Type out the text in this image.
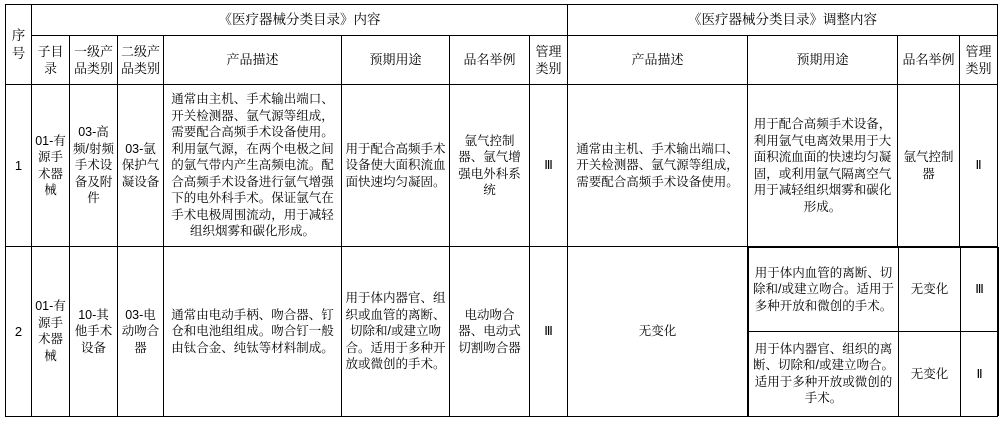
序号	《医疗器械分类目录》内容	《医疗器械分类目录》调整内容
子目录	一级产品类别	二级产品类别	产品描述	预期用途	品名举例	管理类别	产品描述	预期用途	品名举例	管理类别
1	01-有源手术器械	03-高频/射频手术设备及附件	03-氩保护气凝设备	通常由主机、手术输出端口、开关检测器、氩气源等组成，需要配合高频手术设备使用。利用氩气源，在两个电极之间的氩气带内产生高频电流。配合高频手术设备进行氩气增强下的电外科手术。保证氩气在手术电极周围流动，用于减轻组织烟雾和碳化形成。	用于配合高频手术设备使大面积流血面快速均匀凝固。	氩气控制器、氩气增强电外科系统	Ⅲ	通常由主机、手术输出端口、开关检测器、氩气源等组成，需要配合高频手术设备使用。	用于配合高频手术设备，利用氩气电离效果用于大面积流血面的快速均匀凝固，或利用氩气隔离空气用于减轻组织烟雾和碳化形成。	氩气控制器	Ⅱ
2	01-有源手术器械	10-其他手术设备	03-电动吻合器	通常由电动手柄、吻合器、钉仓和电池组组成。吻合钉一般由钛合金、纯钛等材料制成。	用于体内器官、组织或血管的离断、切除和/或建立吻合。适用于多种开放或微创的手术。	电动吻合器、电动式切割吻合器	Ⅲ	无变化	
用于体内血管的离断、切除和/或建立吻合。适用于多种开放和微创的手术。	无变化	Ⅲ
用于体内器官、组织的离断、切除和/或建立吻合。适用于多种开放或微创的手术。	无变化	Ⅱ
